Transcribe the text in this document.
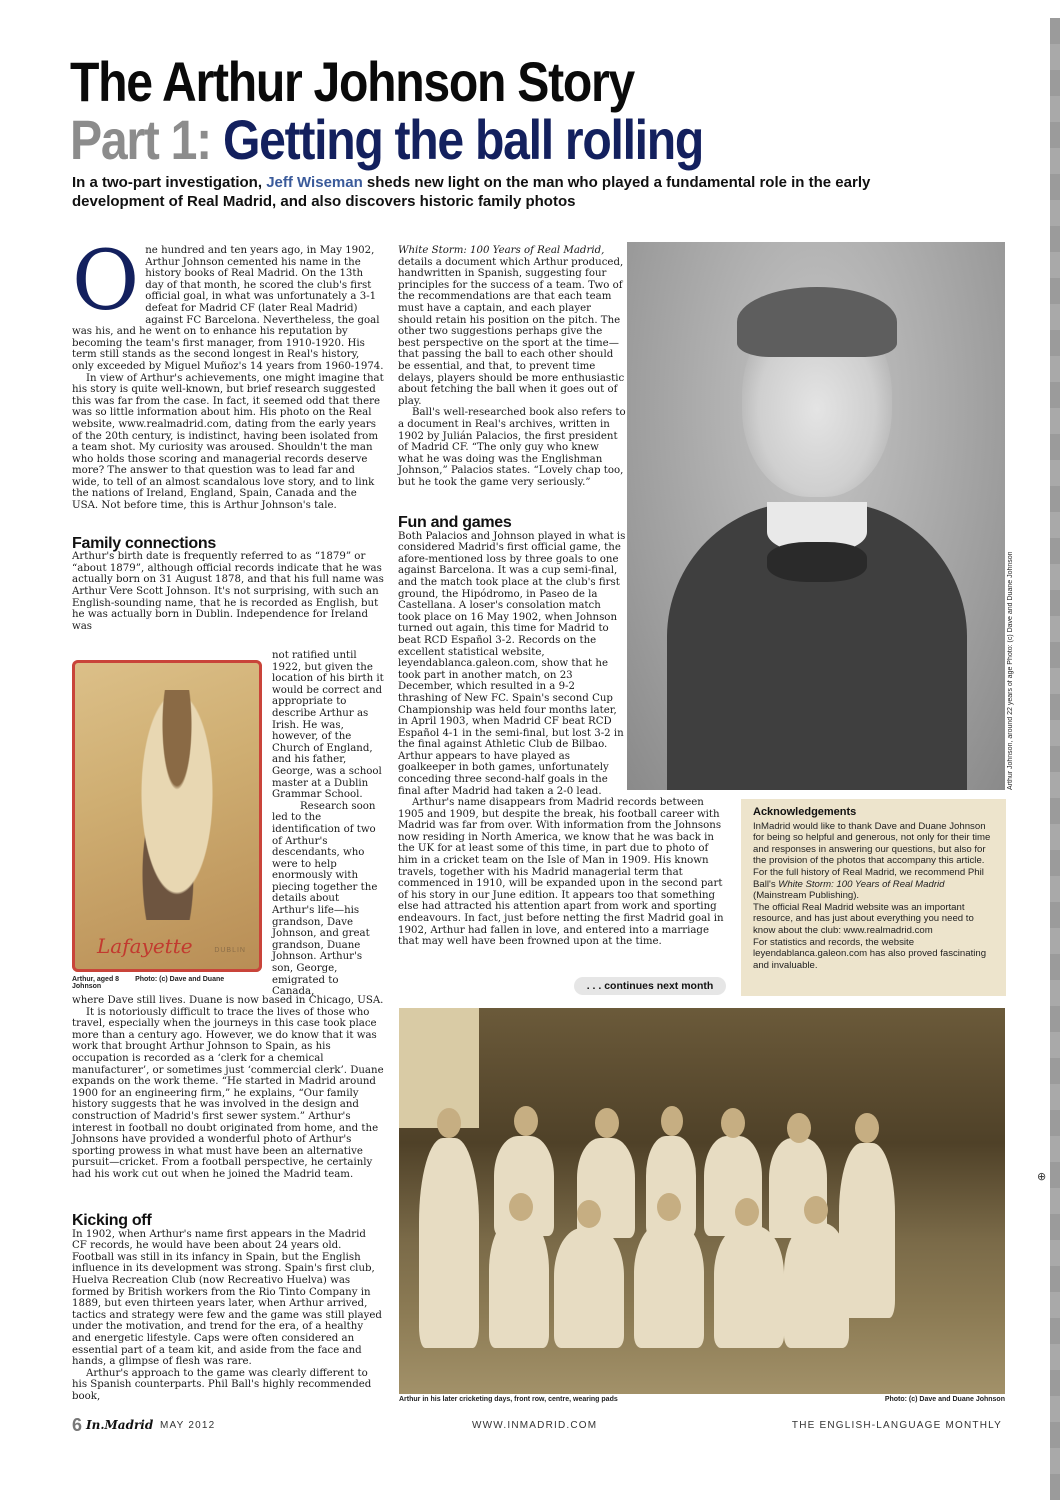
⊕
The Arthur Johnson Story
Part 1: Getting the ball rolling
In a two-part investigation, Jeff Wiseman sheds new light on the man who played a fundamental role in the early development of Real Madrid, and also discovers historic family photos

One hundred and ten years ago, in May 1902, Arthur Johnson cemented his name in the history books of Real Madrid. On the 13th day of that month, he scored the club's first official goal, in what was unfortunately a 3-1 defeat for Madrid CF (later Real Madrid) against FC Barcelona. Nevertheless, the goal was his, and he went on to enhance his reputation by becoming the team's first manager, from 1910-1920. His term still stands as the second longest in Real's history, only exceeded by Miguel Muñoz's 14 years from 1960-1974.

In view of Arthur's achievements, one might imagine that his story is quite well-known, but brief research suggested this was far from the case. In fact, it seemed odd that there was so little information about him. His photo on the Real website, www.realmadrid.com, dating from the early years of the 20th century, is indistinct, having been isolated from a team shot. My curiosity was aroused. Shouldn't the man who holds those scoring and managerial records deserve more? The answer to that question was to lead far and wide, to tell of an almost scandalous love story, and to link the nations of Ireland, England, Spain, Canada and the USA. Not before time, this is Arthur Johnson's tale.

Family connections

Arthur's birth date is frequently referred to as “1879” or “about 1879”, although official records indicate that he was actually born on 31 August 1878, and that his full name was Arthur Vere Scott Johnson. It's not surprising, with such an English-sounding name, that he is recorded as English, but he was actually born in Dublin. Independence for Ireland was

Lafayette	DUBLIN
Arthur, aged 8 Photo: (c) Dave and Duane Johnson

not ratified until 1922, but given the location of his birth it would be correct and appropriate to describe Arthur as Irish. He was, however, of the Church of England, and his father, George, was a school master at a Dublin Grammar School.

Research soon led to the identification of two of Arthur's descendants, who were to help enormously with piecing together the details about Arthur's life—his grandson, Dave Johnson, and great grandson, Duane Johnson. Arthur's son, George, emigrated to Canada,

where Dave still lives. Duane is now based in Chicago, USA.

It is notoriously difficult to trace the lives of those who travel, especially when the journeys in this case took place more than a century ago. However, we do know that it was work that brought Arthur Johnson to Spain, as his occupation is recorded as a ‘clerk for a chemical manufacturer’, or sometimes just ‘commercial clerk’. Duane expands on the work theme. “He started in Madrid around 1900 for an engineering firm,” he explains, “Our family history suggests that he was involved in the design and construction of Madrid's first sewer system.” Arthur's interest in football no doubt originated from home, and the Johnsons have provided a wonderful photo of Arthur's sporting prowess in what must have been an alternative pursuit—cricket. From a football perspective, he certainly had his work cut out when he joined the Madrid team.

Kicking off

In 1902, when Arthur's name first appears in the Madrid CF records, he would have been about 24 years old. Football was still in its infancy in Spain, but the English influence in its development was strong. Spain's first club, Huelva Recreation Club (now Recreativo Huelva) was formed by British workers from the Rio Tinto Company in 1889, but even thirteen years later, when Arthur arrived, tactics and strategy were few and the game was still played under the motivation, and trend for the era, of a healthy and energetic lifestyle. Caps were often considered an essential part of a team kit, and aside from the face and hands, a glimpse of flesh was rare.

Arthur's approach to the game was clearly different to his Spanish counterparts. Phil Ball's highly recommended book,

White Storm: 100 Years of Real Madrid, details a document which Arthur produced, handwritten in Spanish, suggesting four principles for the success of a team. Two of the recommendations are that each team must have a captain, and each player should retain his position on the pitch. The other two suggestions perhaps give the best perspective on the sport at the time—that passing the ball to each other should be essential, and that, to prevent time delays, players should be more enthusiastic about fetching the ball when it goes out of play.

Ball's well-researched book also refers to a document in Real's archives, written in 1902 by Julián Palacios, the first president of Madrid CF. “The only guy who knew what he was doing was the Englishman Johnson,” Palacios states. “Lovely chap too, but he took the game very seriously.”

Fun and games

Both Palacios and Johnson played in what is considered Madrid's first official game, the afore-mentioned loss by three goals to one against Barcelona. It was a cup semi-final, and the match took place at the club's first ground, the Hipódromo, in Paseo de la Castellana. A loser's consolation match took place on 16 May 1902, when Johnson turned out again, this time for Madrid to beat RCD Español 3-2. Records on the excellent statistical website, leyendablanca.galeon.com, show that he took part in another match, on 23 December, which resulted in a 9-2 thrashing of New FC. Spain's second Cup Championship was held four months later, in April 1903, when Madrid CF beat RCD Español 4-1 in the semi-final, but lost 3-2 in the final against Athletic Club de Bilbao. Arthur appears to have played as goalkeeper in both games, unfortunately conceding three second-half goals in the final after Madrid had taken a 2-0 lead.

Arthur's name disappears from Madrid records between 1905 and 1909, but despite the break, his football career with Madrid was far from over. With information from the Johnsons now residing in North America, we know that he was back in the UK for at least some of this time, in part due to photo of him in a cricket team on the Isle of Man in 1909. His known travels, together with his Madrid managerial term that commenced in 1910, will be expanded upon in the second part of his story in our June edition. It appears too that something else had attracted his attention apart from work and sporting endeavours. In fact, just before netting the first Madrid goal in 1902, Arthur had fallen in love, and entered into a marriage that may well have been frowned upon at the time.

. . . continues next month
Arthur Johnson, around 22 years of age Photo: (c) Dave and Duane Johnson
Acknowledgements

InMadrid would like to thank Dave and Duane Johnson for being so helpful and generous, not only for their time and responses in answering our questions, but also for the provision of the photos that accompany this article.

For the full history of Real Madrid, we recommend Phil Ball's White Storm: 100 Years of Real Madrid (Mainstream Publishing).

The official Real Madrid website was an important resource, and has just about everything you need to know about the club: www.realmadrid.com

For statistics and records, the website leyendablanca.galeon.com has also proved fascinating and invaluable.

Arthur in his later cricketing days, front row, centre, wearing pads	Photo: (c) Dave and Duane Johnson
6 In.Madrid MAY 2012	WWW.INMADRID.COM	THE ENGLISH-LANGUAGE MONTHLY
